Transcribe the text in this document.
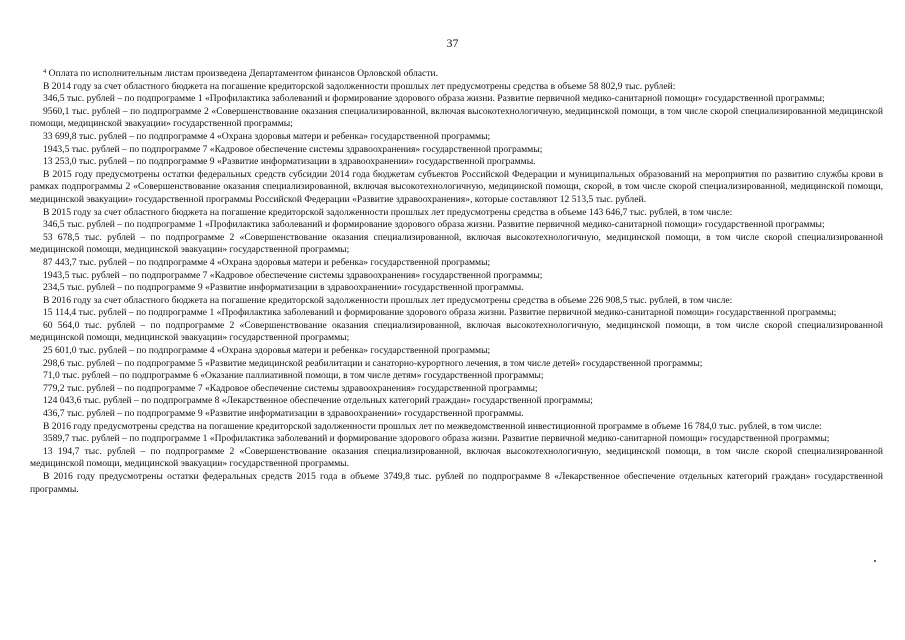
37

$^4$ Оплата по исполнительным листам произведена Департаментом финансов Орловской области.

В 2014 году за счет областного бюджета на погашение кредиторской задолженности прошлых лет предусмотрены средства в объеме 58 802,9 тыс. рублей:

346,5 тыс. рублей – по подпрограмме 1 «Профилактика заболеваний и формирование здорового образа жизни. Развитие первичной медико-санитарной помощи» государственной программы;

9560,1 тыс. рублей – по подпрограмме 2 «Совершенствование оказания специализированной, включая высокотехнологичную, медицинской помощи, в том числе скорой специализированной медицинской помощи, медицинской эвакуации» государственной программы;

33 699,8 тыс. рублей – по подпрограмме 4 «Охрана здоровья матери и ребенка» государственной программы;

1943,5 тыс. рублей – по подпрограмме 7 «Кадровое обеспечение системы здравоохранения» государственной программы;

13 253,0 тыс. рублей – по подпрограмме 9 «Развитие информатизации в здравоохранении» государственной программы.

В 2015 году предусмотрены остатки федеральных средств субсидии 2014 года бюджетам субъектов Российской Федерации и муниципальных образований на мероприятия по развитию службы крови в рамках подпрограммы 2 «Совершенствование оказания специализированной, включая высокотехнологичную, медицинской помощи, скорой, в том числе скорой специализированной, медицинской помощи, медицинской эвакуации» государственной программы Российской Федерации «Развитие здравоохранения», которые составляют 12 513,5 тыс. рублей.

В 2015 году за счет областного бюджета на погашение кредиторской задолженности прошлых лет предусмотрены средства в объеме 143 646,7 тыс. рублей, в том числе:

346,5 тыс. рублей – по подпрограмме 1 «Профилактика заболеваний и формирование здорового образа жизни. Развитие первичной медико-санитарной помощи» государственной программы;

53 678,5 тыс. рублей – по подпрограмме 2 «Совершенствование оказания специализированной, включая высокотехнологичную, медицинской помощи, в том числе скорой специализированной медицинской помощи, медицинской эвакуации» государственной программы;

87 443,7 тыс. рублей – по подпрограмме 4 «Охрана здоровья матери и ребенка» государственной программы;

1943,5 тыс. рублей – по подпрограмме 7 «Кадровое обеспечение системы здравоохранения» государственной программы;

234,5 тыс. рублей – по подпрограмме 9 «Развитие информатизации в здравоохранении» государственной программы.

В 2016 году за счет областного бюджета на погашение кредиторской задолженности прошлых лет предусмотрены средства в объеме 226 908,5 тыс. рублей, в том числе:

15 114,4 тыс. рублей – по подпрограмме 1 «Профилактика заболеваний и формирование здорового образа жизни. Развитие первичной медико-санитарной помощи» государственной программы;

60 564,0 тыс. рублей – по подпрограмме 2 «Совершенствование оказания специализированной, включая высокотехнологичную, медицинской помощи, в том числе скорой специализированной медицинской помощи, медицинской эвакуации» государственной программы;

25 601,0 тыс. рублей – по подпрограмме 4 «Охрана здоровья матери и ребенка» государственной программы;

298,6 тыс. рублей – по подпрограмме 5 «Развитие медицинской реабилитации и санаторно-курортного лечения, в том числе детей» государственной программы;

71,0 тыс. рублей – по подпрограмме 6 «Оказание паллиативной помощи, в том числе детям» государственной программы;

779,2 тыс. рублей – по подпрограмме 7 «Кадровое обеспечение системы здравоохранения» государственной программы;

124 043,6 тыс. рублей – по подпрограмме 8 «Лекарственное обеспечение отдельных категорий граждан» государственной программы;

436,7 тыс. рублей – по подпрограмме 9 «Развитие информатизации в здравоохранении» государственной программы.

В 2016 году предусмотрены средства на погашение кредиторской задолженности прошлых лет по межведомственной инвестиционной программе в объеме 16 784,0 тыс. рублей, в том числе:

3589,7 тыс. рублей – по подпрограмме 1 «Профилактика заболеваний и формирование здорового образа жизни. Развитие первичной медико-санитарной помощи» государственной программы;

13 194,7 тыс. рублей – по подпрограмме 2 «Совершенствование оказания специализированной, включая высокотехнологичную, медицинской помощи, в том числе скорой специализированной медицинской помощи, медицинской эвакуации» государственной программы.

В 2016 году предусмотрены остатки федеральных средств 2015 года в объеме 3749,8 тыс. рублей по подпрограмме 8 «Лекарственное обеспечение отдельных категорий граждан» государственной программы.
